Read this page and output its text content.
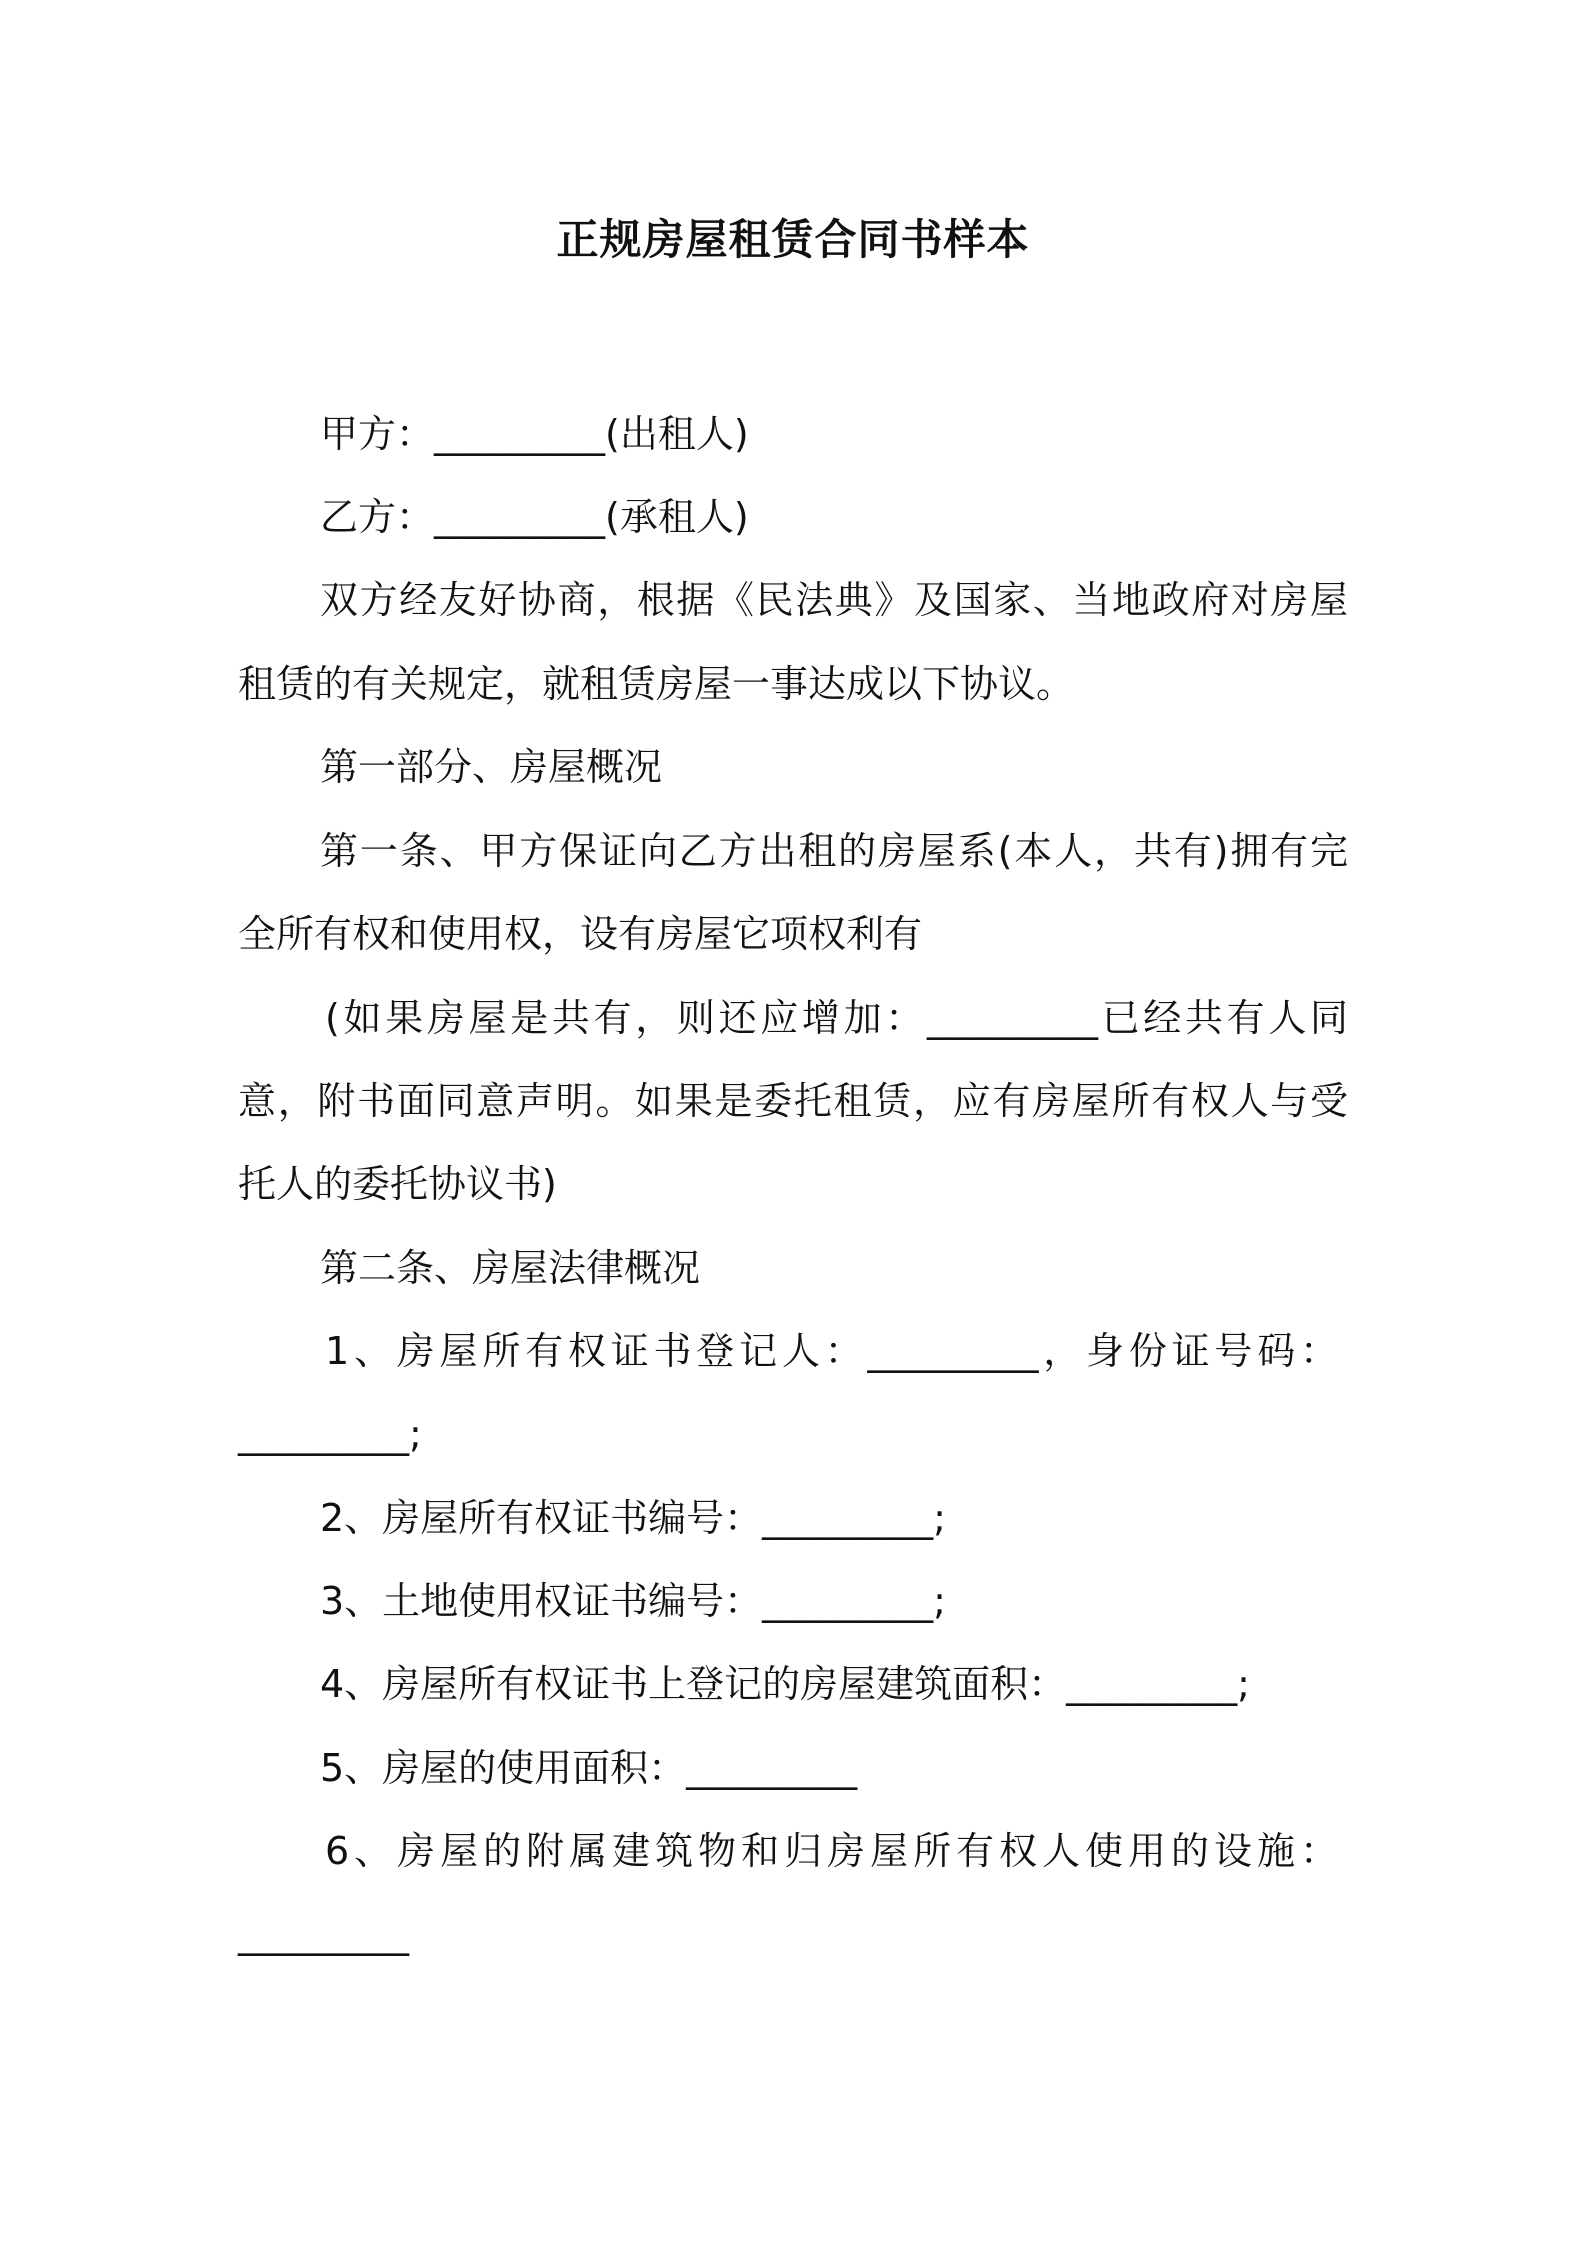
正规房屋租赁合同书样本
甲方：_________(出租人)
乙方：_________(承租人)
双方经友好协商，根据《民法典》及国家、当地政府对房屋
租赁的有关规定，就租赁房屋一事达成以下协议。
第一部分、房屋概况
第一条、甲方保证向乙方出租的房屋系(本人，共有)拥有完
全所有权和使用权，设有房屋它项权利有
(如果房屋是共有，则还应增加：_________已经共有人同
意，附书面同意声明。如果是委托租赁，应有房屋所有权人与受
托人的委托协议书)
第二条、房屋法律概况
1、房屋所有权证书登记人：_________，身份证号码：
_________;
2、房屋所有权证书编号：_________;
3、土地使用权证书编号：_________;
4、房屋所有权证书上登记的房屋建筑面积：_________;
5、房屋的使用面积：_________
6、房屋的附属建筑物和归房屋所有权人使用的设施：
_________
